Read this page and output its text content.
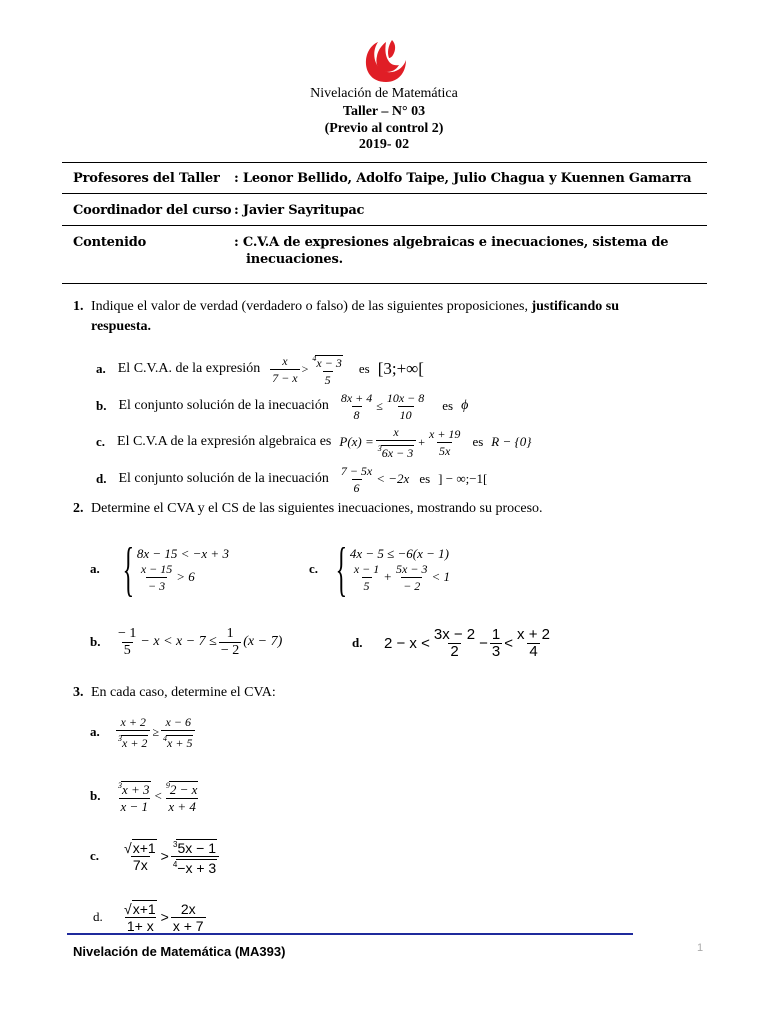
Nivelación de Matemática
Taller – N° 03
(Previo al control 2)
2019- 02
Profesores del Taller : Leonor Bellido, Adolfo Taipe, Julio Chagua y Kuennen Gamarra
Coordinador del curso : Javier Sayritupac
Contenido	: C.V.A de expresiones algebraicas e inecuaciones, sistema de
inecuaciones.
1. Indique el valor de verdad (verdadero o falso) de las siguientes proposiciones, justificando su
respuesta.
a. El C.V.A. de la expresión $\frac{x}{7 - x} > \frac{^4x - 3}{5}$ es [3;+∞[
b. El conjunto solución de la inecuación $\frac{8x + 4}{8} \le \frac{10x - 8}{10}$ es ϕ
c. El C.V.A de la expresión algebraica es $P(x) = \frac{x}{^36x - 3} + \frac{x + 19}{5x}$ es R − {0}
d. El conjunto solución de la inecuación $\frac{7 - 5x}{6} < -2x$ es ] − ∞;−1[
2. Determine el CVA y el CS de las siguientes inecuaciones, mostrando su proceso.
a. { 8x − 15 < −x + 3
$\frac{x - 15}{- 3} > 6$
c. { 4x − 5 ≤ −6(x − 1)
$\frac{x - 1}{5} + \frac{5x - 3}{- 2} < 1$
b.	$\frac{- 1}{5} - x < x - 7 \le \frac{1}{- 2} (x - 7)$	d.	$2 - x < \frac{3x - 2}{2} - \frac{1}{3} < \frac{x + 2}{4}$
3. En cada caso, determine el CVA:
a.	$\frac{x + 2}{^3x + 2} \ge \frac{x - 6}{^4x + 5}$
b.	$\frac{^3x + 3}{x - 1} < \frac{^92 - x}{x + 4}$
c.	$\frac{√x+1}{7x} > \frac{^35x - 1}{^4-x + 3}$
d.	$\frac{√x+1}{1+ x} > \frac{2x}{x + 7}$
Nivelación de Matemática (MA393)	1
